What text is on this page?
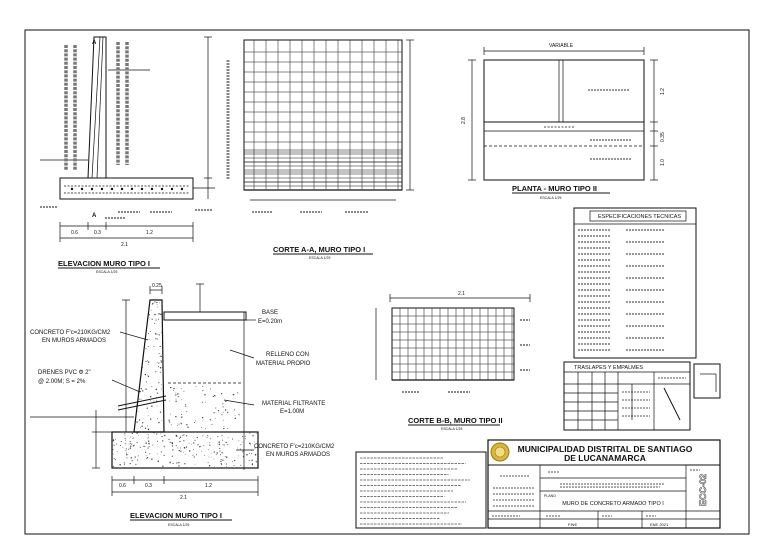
A
A
0.6	0.3	1.2
2.1
ELEVACION MURO TIPO I
ESCALA 1/25
CORTE A-A, MURO TIPO I
ESCALA 1/25
VARIABLE
2.8
1.2
0.35
1.0
PLANTA - MURO TIPO II
ESCALA 1/25
0.25
0.6	0.3	1.2
2.1
BASE
E=0.20m
CONCRETO F'c=210KG/CM2
EN MUROS ARMADOS
DRENES PVC Φ 2"
@ 2.00M; S = 2%
RELLENO CON
MATERIAL PROPIO
MATERIAL FILTRANTE
E=1.00M
CONCRETO F'c=210KG/CM2
EN MUROS ARMADOS
ELEVACION MURO TIPO I
ESCALA 1/25
2.1
CORTE B-B, MURO TIPO II
ESCALA 1/25
ESPECIFICACIONES TECNICAS
TRASLAPES Y EMPALMES
ECC-02
MUNICIPALIDAD DISTRITAL DE SANTIAGO
DE LUCANAMARCA
PLANO
MURO DE CONCRETO ARMADO TIPO I
FINE	ENE 2021
